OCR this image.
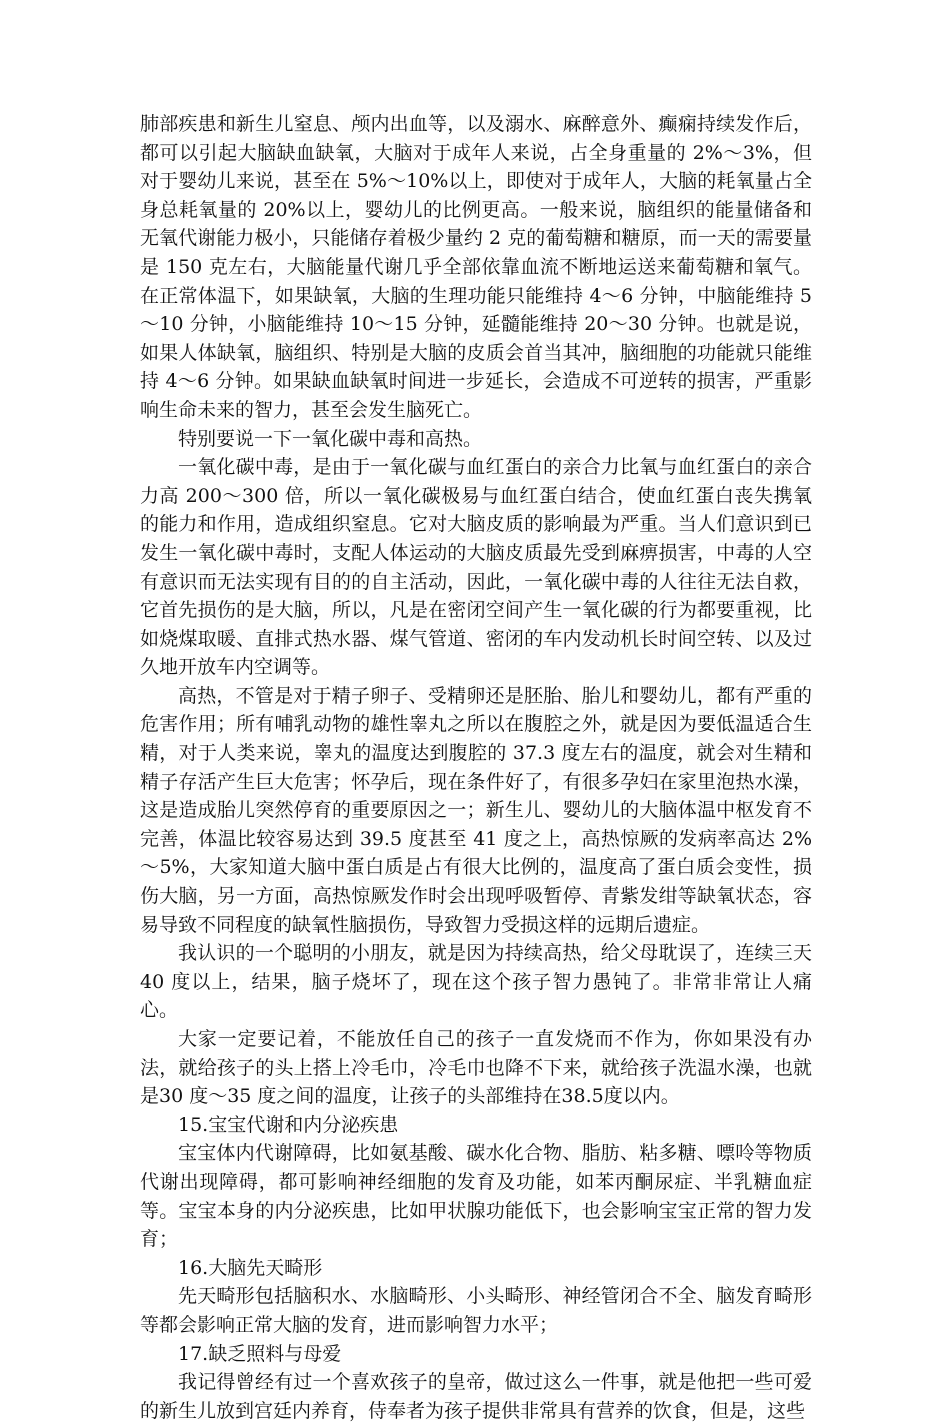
肺部疾患和新生儿窒息、颅内出血等，以及溺水、麻醉意外、癫痫持续发作后，都可以引起大脑缺血缺氧，大脑对于成年人来说，占全身重量的 2%～3%，但对于婴幼儿来说，甚至在 5%～10%以上，即使对于成年人，大脑的耗氧量占全身总耗氧量的 20%以上，婴幼儿的比例更高。一般来说，脑组织的能量储备和无氧代谢能力极小，只能储存着极少量约 2 克的葡萄糖和糖原，而一天的需要量是 150 克左右，大脑能量代谢几乎全部依靠血流不断地运送来葡萄糖和氧气。在正常体温下，如果缺氧，大脑的生理功能只能维持 4～6 分钟，中脑能维持 5～10 分钟，小脑能维持 10～15 分钟，延髓能维持 20～30 分钟。也就是说，如果人体缺氧，脑组织、特别是大脑的皮质会首当其冲，脑细胞的功能就只能维持 4～6 分钟。如果缺血缺氧时间进一步延长，会造成不可逆转的损害，严重影响生命未来的智力，甚至会发生脑死亡。

特别要说一下一氧化碳中毒和高热。

一氧化碳中毒，是由于一氧化碳与血红蛋白的亲合力比氧与血红蛋白的亲合力高 200～300 倍，所以一氧化碳极易与血红蛋白结合，使血红蛋白丧失携氧的能力和作用，造成组织窒息。它对大脑皮质的影响最为严重。当人们意识到已发生一氧化碳中毒时，支配人体运动的大脑皮质最先受到麻痹损害，中毒的人空有意识而无法实现有目的的自主活动，因此，一氧化碳中毒的人往往无法自救，它首先损伤的是大脑，所以，凡是在密闭空间产生一氧化碳的行为都要重视，比如烧煤取暖、直排式热水器、煤气管道、密闭的车内发动机长时间空转、以及过久地开放车内空调等。

高热，不管是对于精子卵子、受精卵还是胚胎、胎儿和婴幼儿，都有严重的危害作用；所有哺乳动物的雄性睾丸之所以在腹腔之外，就是因为要低温适合生精，对于人类来说，睾丸的温度达到腹腔的 37.3 度左右的温度，就会对生精和精子存活产生巨大危害；怀孕后，现在条件好了，有很多孕妇在家里泡热水澡，这是造成胎儿突然停育的重要原因之一；新生儿、婴幼儿的大脑体温中枢发育不完善，体温比较容易达到 39.5 度甚至 41 度之上，高热惊厥的发病率高达 2%～5%，大家知道大脑中蛋白质是占有很大比例的，温度高了蛋白质会变性，损伤大脑，另一方面，高热惊厥发作时会出现呼吸暂停、青紫发绀等缺氧状态，容易导致不同程度的缺氧性脑损伤，导致智力受损这样的远期后遗症。

我认识的一个聪明的小朋友，就是因为持续高热，给父母耽误了，连续三天40 度以上，结果，脑子烧坏了，现在这个孩子智力愚钝了。非常非常让人痛心。

大家一定要记着，不能放任自己的孩子一直发烧而不作为，你如果没有办法，就给孩子的头上搭上冷毛巾，冷毛巾也降不下来，就给孩子洗温水澡，也就是30 度～35 度之间的温度，让孩子的头部维持在38.5度以内。

15.宝宝代谢和内分泌疾患

宝宝体内代谢障碍，比如氨基酸、碳水化合物、脂肪、粘多糖、嘌呤等物质代谢出现障碍，都可影响神经细胞的发育及功能，如苯丙酮尿症、半乳糖血症等。宝宝本身的内分泌疾患，比如甲状腺功能低下，也会影响宝宝正常的智力发育；

16.大脑先天畸形

先天畸形包括脑积水、水脑畸形、小头畸形、神经管闭合不全、脑发育畸形等都会影响正常大脑的发育，进而影响智力水平；

17.缺乏照料与母爱

我记得曾经有过一个喜欢孩子的皇帝，做过这么一件事，就是他把一些可爱的新生儿放到宫廷内养育，侍奉者为孩子提供非常具有营养的饮食，但是，这些
